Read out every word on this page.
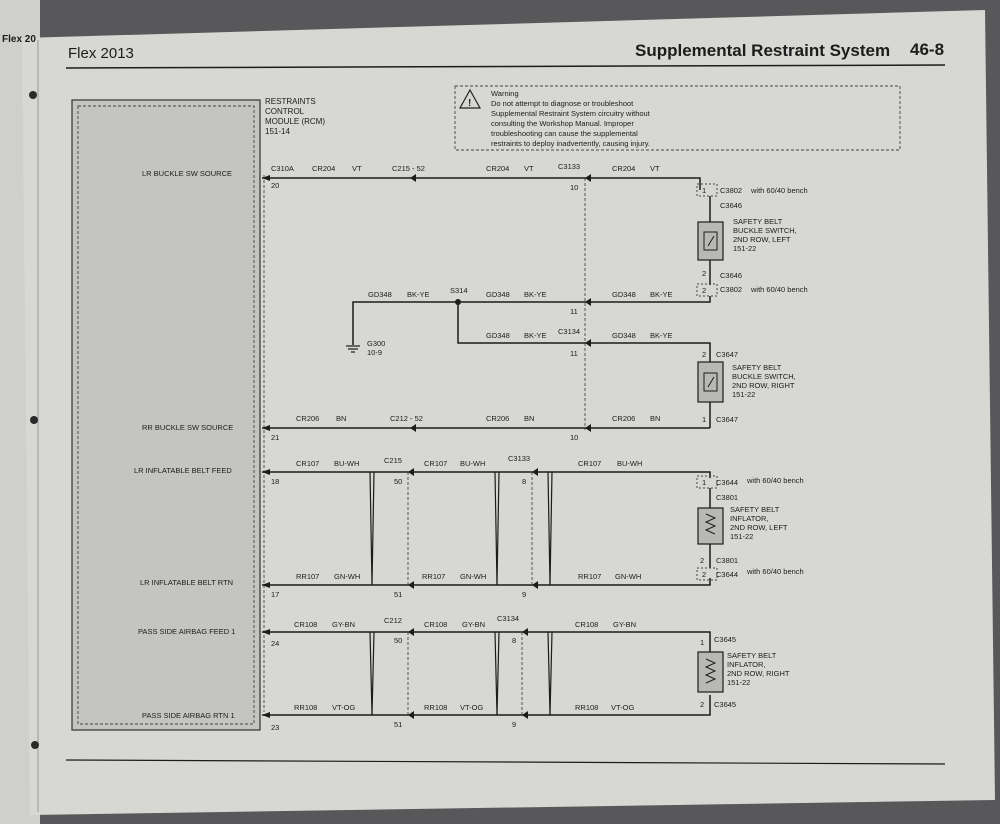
Flex 20
Flex 2013	Supplemental Restraint System 46-8
RESTRAINTS
CONTROL
MODULE (RCM)
151-14
!
Warning
Do not attempt to diagnose or troubleshoot
Supplemental Restraint System circuitry without
consulting the Workshop Manual. Improper
troubleshooting can cause the supplemental
restraints to deploy inadvertently, causing injury.
LR BUCKLE SW SOURCE
RR BUCKLE SW SOURCE
LR INFLATABLE BELT FEED
LR INFLATABLE BELT RTN
PASS SIDE AIRBAG FEED 1
PASS SIDE AIRBAG RTN 1
20
21
18
17
24
23
C310A CR204 VT	C215 - 52	CR204 VT	C3133
10
CR204 VT
1 C3802 with 60/40 bench
C3646
SAFETY BELT
BUCKLE SWITCH,
2ND ROW, LEFT
151-22
2 C3646
2 C3802 with 60/40 bench
GD348 BK-YE	S314 GD348 BK-YE
11
GD348 BK-YE
G300
10-9
GD348 BK-YE C3134
11
GD348 BK-YE
2 C3647
SAFETY BELT
BUCKLE SWITCH,
2ND ROW, RIGHT
151-22
1 C3647
CR206 BN	C212 - 52	CR206 BN
10
CR206 BN
CR107 BU-WH	C215
50
CR107 BU-WH
C3133
8
CR107 BU-WH
RR107 GN-WH
51
RR107 GN-WH
9
RR107 GN-WH
1 C3644 with 60/40 bench
C3801
SAFETY BELT
INFLATOR,
2ND ROW, LEFT
151-22
2 C3801
2 C3644 with 60/40 bench
CR108 GY-BN	C212
50
CR108 GY-BN
C3134
8
CR108 GY-BN
RR108 VT-OG
51
RR108 VT-OG
9
RR108 VT-OG
1 C3645
SAFETY BELT
INFLATOR,
2ND ROW, RIGHT
151-22
2 C3645
